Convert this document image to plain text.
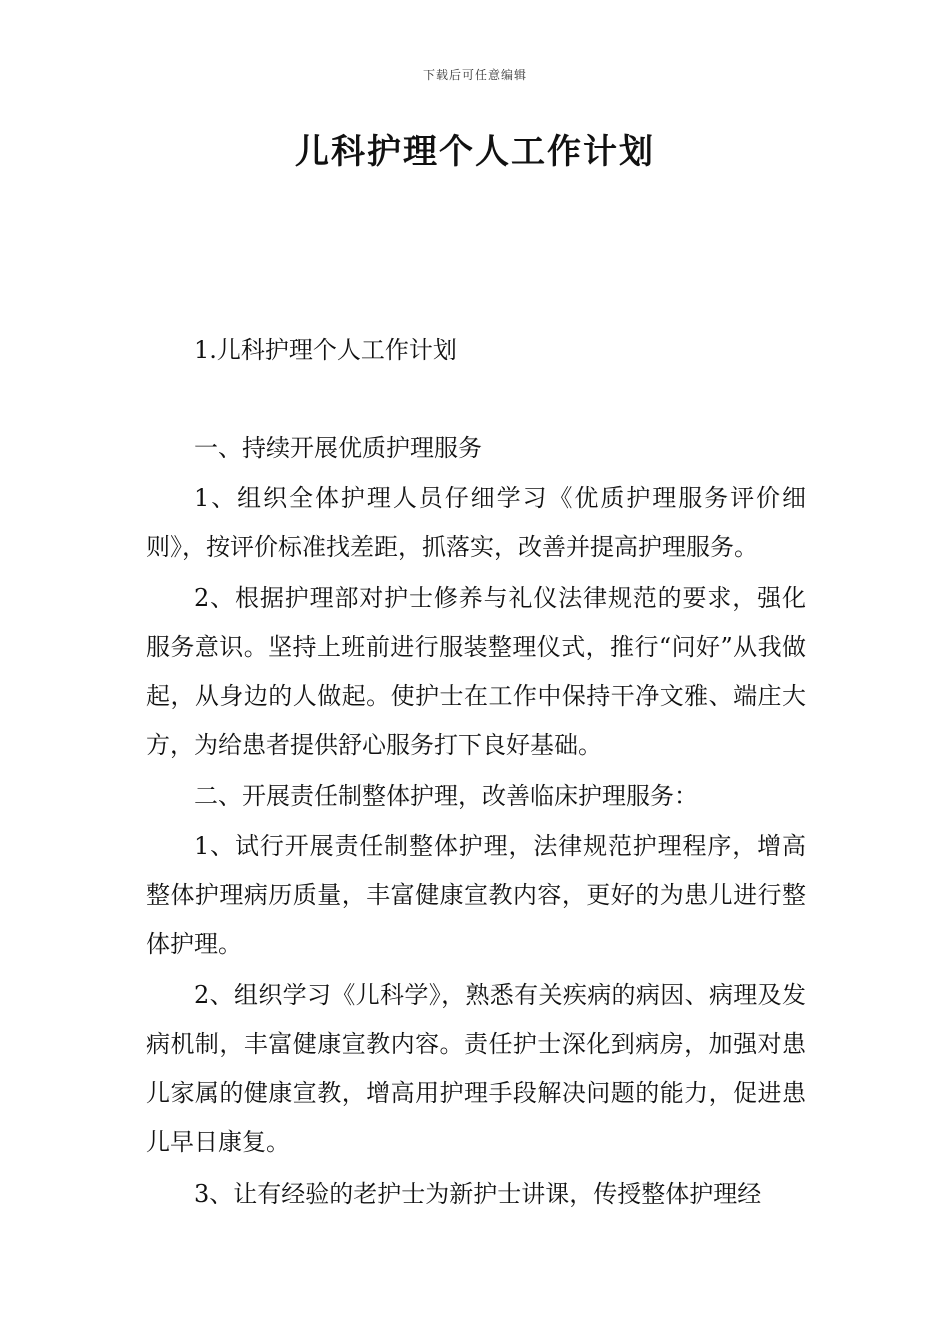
下载后可任意编辑
儿科护理个人工作计划

1.儿科护理个人工作计划

一、持续开展优质护理服务

1、组织全体护理人员仔细学习《优质护理服务评价细则》，按评价标准找差距，抓落实，改善并提高护理服务。

2、根据护理部对护士修养与礼仪法律规范的要求，强化服务意识。坚持上班前进行服装整理仪式，推行“问好”从我做起，从身边的人做起。使护士在工作中保持干净文雅、端庄大方，为给患者提供舒心服务打下良好基础。

二、开展责任制整体护理，改善临床护理服务：

1、试行开展责任制整体护理，法律规范护理程序，增高整体护理病历质量，丰富健康宣教内容，更好的为患儿进行整体护理。

2、组织学习《儿科学》，熟悉有关疾病的病因、病理及发病机制，丰富健康宣教内容。责任护士深化到病房，加强对患儿家属的健康宣教，增高用护理手段解决问题的能力，促进患儿早日康复。

3、让有经验的老护士为新护士讲课，传授整体护理经
